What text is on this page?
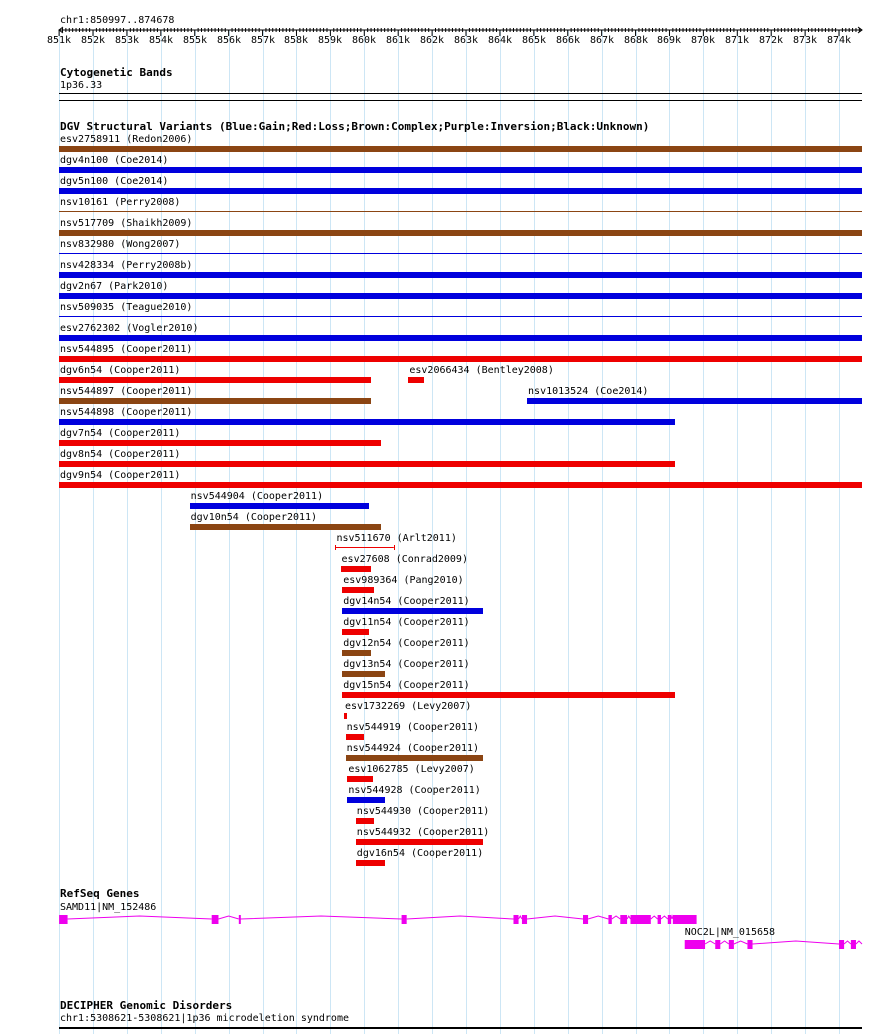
chr1:850997..874678
851k 852k 853k 854k 855k 856k 857k 858k 859k 860k 861k 862k 863k 864k 865k 866k 867k 868k 869k 870k 871k 872k 873k 874k
Cytogenetic Bands
1p36.33
DGV Structural Variants (Blue:Gain;Red:Loss;Brown:Complex;Purple:Inversion;Black:Unknown)
esv2758911 (Redon2006)
dgv4n100 (Coe2014)
dgv5n100 (Coe2014)
nsv10161 (Perry2008)
nsv517709 (Shaikh2009)
nsv832980 (Wong2007)
nsv428334 (Perry2008b)
dgv2n67 (Park2010)
nsv509035 (Teague2010)
esv2762302 (Vogler2010)
nsv544895 (Cooper2011)
dgv6n54 (Cooper2011)	esv2066434 (Bentley2008)
nsv544897 (Cooper2011)	nsv1013524 (Coe2014)
nsv544898 (Cooper2011)
dgv7n54 (Cooper2011)
dgv8n54 (Cooper2011)
dgv9n54 (Cooper2011)
nsv544904 (Cooper2011)
dgv10n54 (Cooper2011)
nsv511670 (Arlt2011)
esv27608 (Conrad2009)
esv989364 (Pang2010)
dgv14n54 (Cooper2011)
dgv11n54 (Cooper2011)
dgv12n54 (Cooper2011)
dgv13n54 (Cooper2011)
dgv15n54 (Cooper2011)
esv1732269 (Levy2007)
nsv544919 (Cooper2011)
nsv544924 (Cooper2011)
esv1062785 (Levy2007)
nsv544928 (Cooper2011)
nsv544930 (Cooper2011)
nsv544932 (Cooper2011)
dgv16n54 (Cooper2011)
RefSeq Genes
SAMD11|NM_152486
NOC2L|NM_015658
DECIPHER Genomic Disorders
chr1:5308621-5308621|1p36 microdeletion syndrome
